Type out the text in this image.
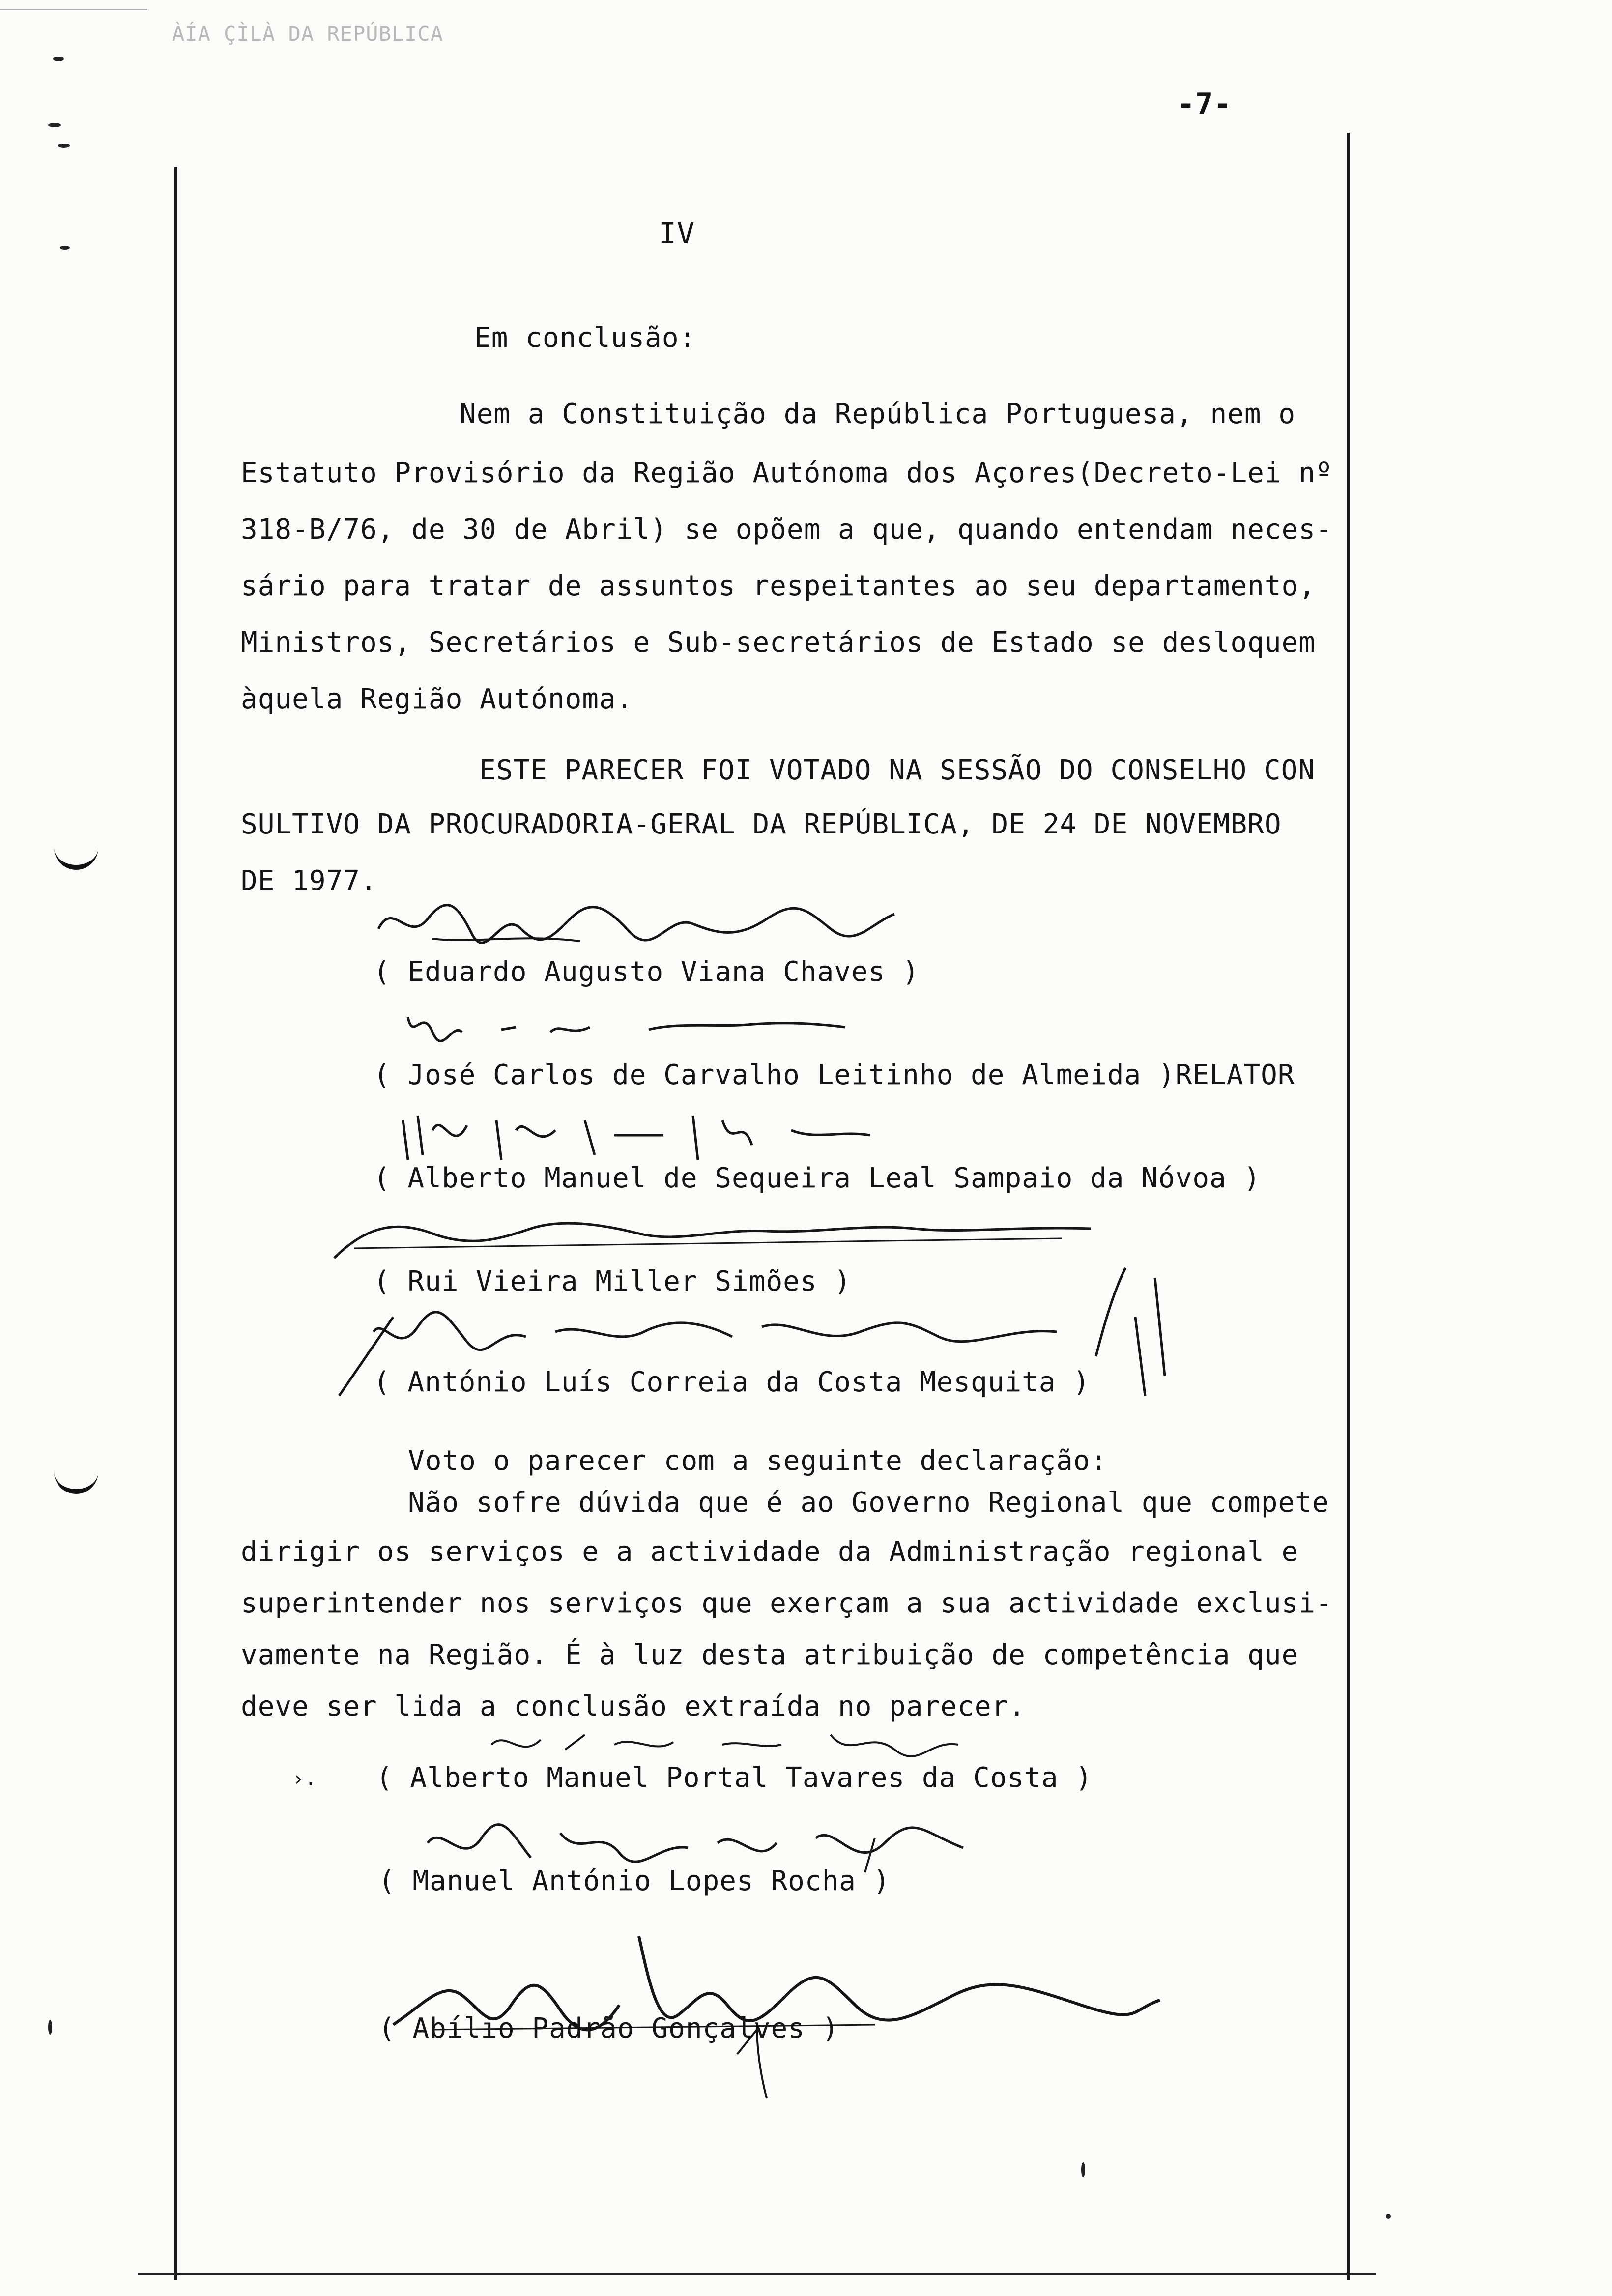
ÀÍA ÇÌLÀ DA REPÚBLICA
-7-
IV
Em conclusão:
Nem a Constituição da República Portuguesa, nem o
Estatuto Provisório da Região Autónoma dos Açores(Decreto-Lei nº
318-B/76, de 30 de Abril) se opõem a que, quando entendam neces-
sário para tratar de assuntos respeitantes ao seu departamento,
Ministros, Secretários e Sub-secretários de Estado se desloquem
àquela Região Autónoma.
ESTE PARECER FOI VOTADO NA SESSÃO DO CONSELHO CON
SULTIVO DA PROCURADORIA-GERAL DA REPÚBLICA, DE 24 DE NOVEMBRO
DE 1977.
( Eduardo Augusto Viana Chaves )
( José Carlos de Carvalho Leitinho de Almeida )RELATOR
( Alberto Manuel de Sequeira Leal Sampaio da Nóvoa )
( Rui Vieira Miller Simões )
( António Luís Correia da Costa Mesquita )
Voto o parecer com a seguinte declaração:
Não sofre dúvida que é ao Governo Regional que compete
dirigir os serviços e a actividade da Administração regional e
superintender nos serviços que exerçam a sua actividade exclusi-
vamente na Região. É à luz desta atribuição de competência que
deve ser lida a conclusão extraída no parecer.
›. ( Alberto Manuel Portal Tavares da Costa )
( Manuel António Lopes Rocha )
( Abílio Padrão Gonçalves )
